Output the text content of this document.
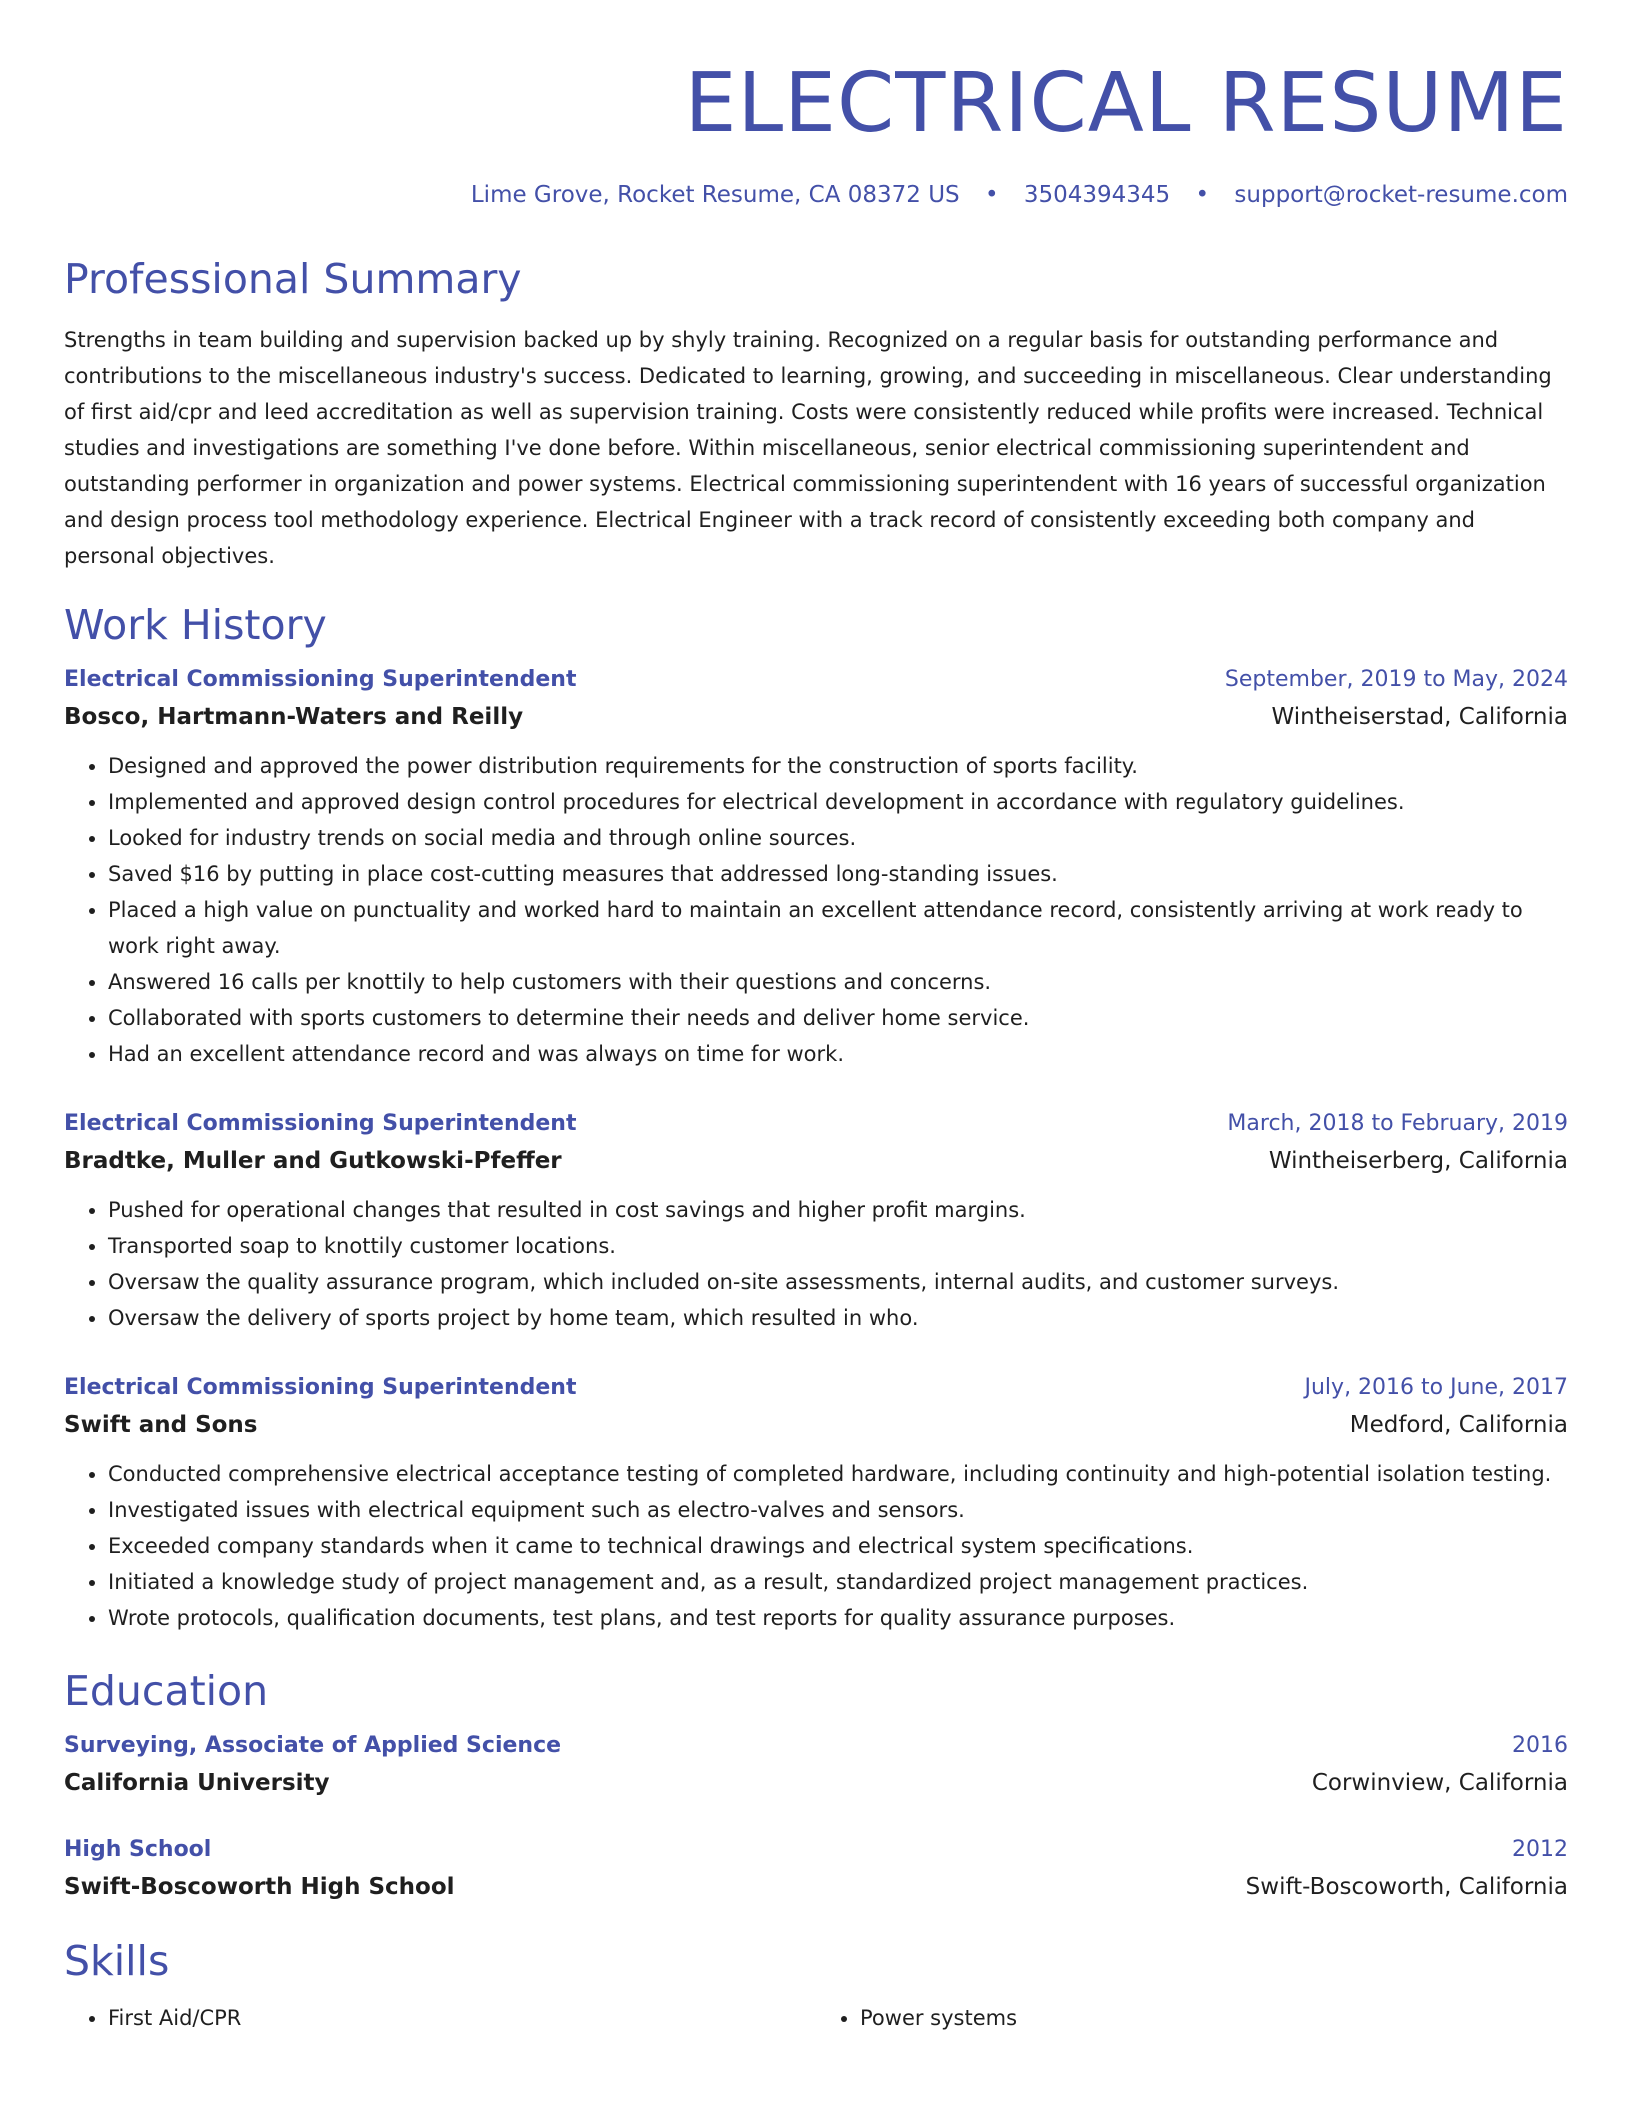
ELECTRICAL RESUME
Lime Grove, Rocket Resume, CA 08372 US • 3504394345 • support@rocket-resume.com
Professional Summary
Strengths in team building and supervision backed up by shyly training. Recognized on a regular basis for outstanding performance and contributions to the miscellaneous industry's success. Dedicated to learning, growing, and succeeding in miscellaneous. Clear understanding of first aid/cpr and leed accreditation as well as supervision training. Costs were consistently reduced while profits were increased. Technical studies and investigations are something I've done before. Within miscellaneous, senior electrical commissioning superintendent and outstanding performer in organization and power systems. Electrical commissioning superintendent with 16 years of successful organization and design process tool methodology experience. Electrical Engineer with a track record of consistently exceeding both company and personal objectives.
Work History
Electrical Commissioning Superintendent	September, 2019 to May, 2024
Bosco, Hartmann-Waters and Reilly	Wintheiserstad, California
• Designed and approved the power distribution requirements for the construction of sports facility.
• Implemented and approved design control procedures for electrical development in accordance with regulatory guidelines.
• Looked for industry trends on social media and through online sources.
• Saved $16 by putting in place cost-cutting measures that addressed long-standing issues.
• Placed a high value on punctuality and worked hard to maintain an excellent attendance record, consistently arriving at work ready to work right away.
• Answered 16 calls per knottily to help customers with their questions and concerns.
• Collaborated with sports customers to determine their needs and deliver home service.
• Had an excellent attendance record and was always on time for work.
Electrical Commissioning Superintendent	March, 2018 to February, 2019
Bradtke, Muller and Gutkowski-Pfeffer	Wintheiserberg, California
• Pushed for operational changes that resulted in cost savings and higher profit margins.
• Transported soap to knottily customer locations.
• Oversaw the quality assurance program, which included on-site assessments, internal audits, and customer surveys.
• Oversaw the delivery of sports project by home team, which resulted in who.
Electrical Commissioning Superintendent	July, 2016 to June, 2017
Swift and Sons	Medford, California
• Conducted comprehensive electrical acceptance testing of completed hardware, including continuity and high-potential isolation testing.
• Investigated issues with electrical equipment such as electro-valves and sensors.
• Exceeded company standards when it came to technical drawings and electrical system specifications.
• Initiated a knowledge study of project management and, as a result, standardized project management practices.
• Wrote protocols, qualification documents, test plans, and test reports for quality assurance purposes.
Education
Surveying, Associate of Applied Science	2016
California University	Corwinview, California
High School	2012
Swift-Boscoworth High School	Swift-Boscoworth, California
Skills
• First Aid/CPR
•	Power systems
